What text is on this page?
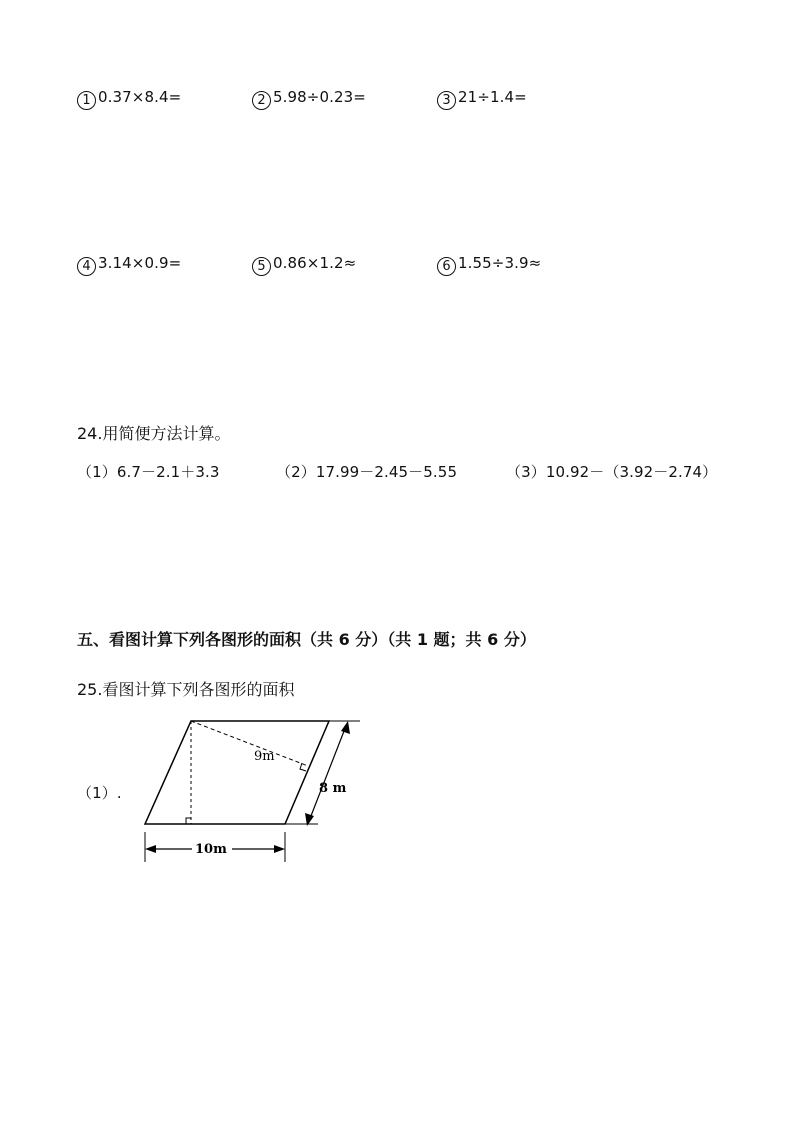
1 0.37×8.4=	2 5.98÷0.23=	3 21÷1.4=
4 3.14×0.9=	5 0.86×1.2≈	6 1.55÷3.9≈
24.用简便方法计算。
（1）6.7－2.1＋3.3	（2）17.99－2.45－5.55	（3）10.92－（3.92－2.74）
五、看图计算下列各图形的面积（共 6 分）（共 1 题；共 6 分）
25.看图计算下列各图形的面积
（1）.
9m
8 m
10m
